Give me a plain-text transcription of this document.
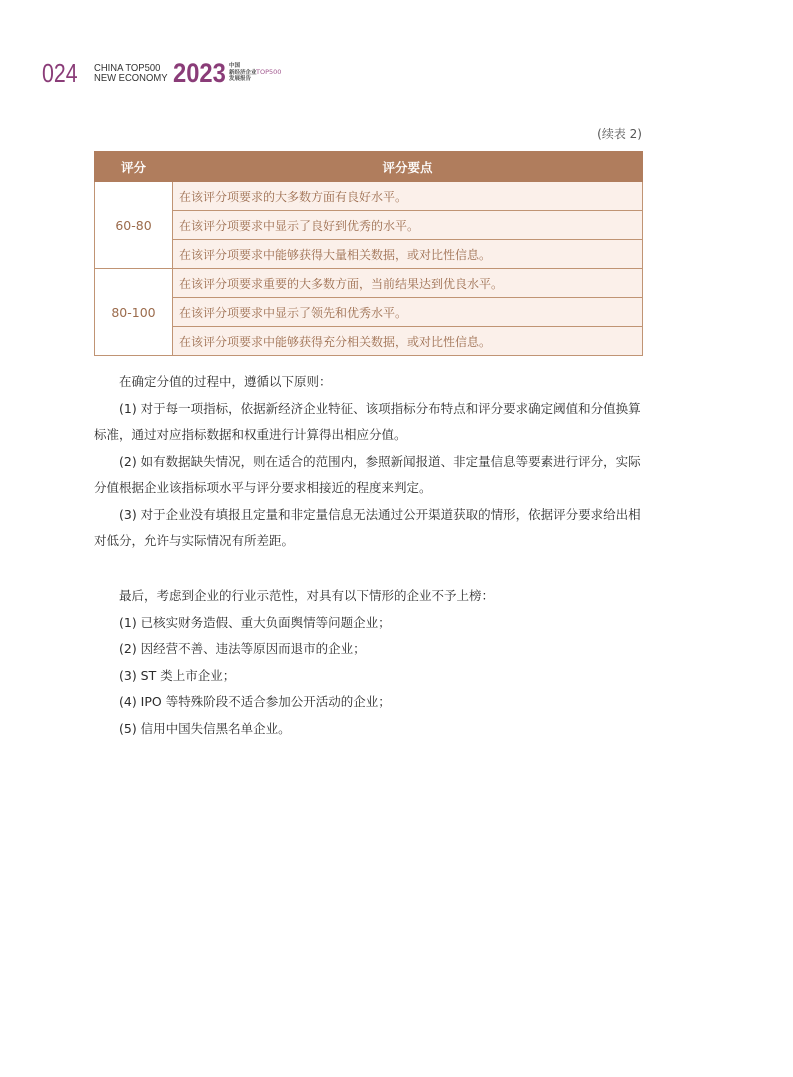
024 CHINA TOP500
NEW ECONOMY 2023 中国
新经济企业
发展报告
TOP500
(续表 2)
评分	评分要点
60-80	在该评分项要求的大多数方面有良好水平。
	在该评分项要求中显示了良好到优秀的水平。
	在该评分项要求中能够获得大量相关数据，或对比性信息。
80-100	在该评分项要求重要的大多数方面，当前结果达到优良水平。
	在该评分项要求中显示了领先和优秀水平。
	在该评分项要求中能够获得充分相关数据，或对比性信息。

在确定分值的过程中，遵循以下原则：

(1) 对于每一项指标，依据新经济企业特征、该项指标分布特点和评分要求确定阈值和分值换算标准，通过对应指标数据和权重进行计算得出相应分值。

(2) 如有数据缺失情况，则在适合的范围内，参照新闻报道、非定量信息等要素进行评分，实际分值根据企业该指标项水平与评分要求相接近的程度来判定。

(3) 对于企业没有填报且定量和非定量信息无法通过公开渠道获取的情形，依据评分要求给出相对低分，允许与实际情况有所差距。

最后，考虑到企业的行业示范性，对具有以下情形的企业不予上榜：

(1) 已核实财务造假、重大负面舆情等问题企业；

(2) 因经营不善、违法等原因而退市的企业；

(3) ST 类上市企业；

(4) IPO 等特殊阶段不适合参加公开活动的企业；

(5) 信用中国失信黑名单企业。
